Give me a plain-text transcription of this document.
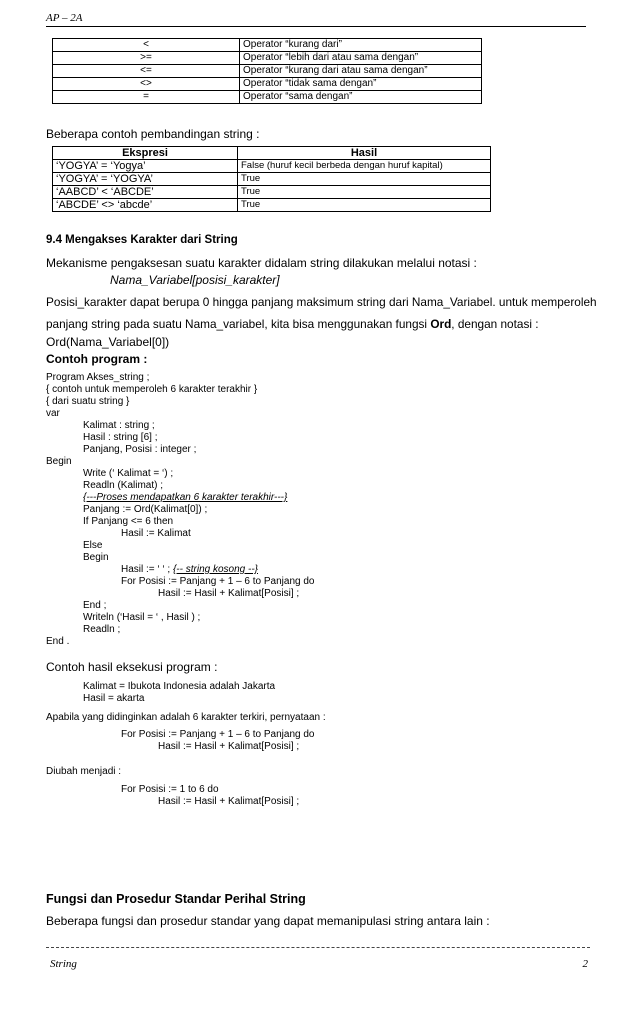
AP – 2A
<	Operator “kurang dari”
>=	Operator “lebih dari atau sama dengan”
<=	Operator “kurang dari atau sama dengan”
<>	Operator “tidak sama dengan”
=	Operator “sama dengan”
Beberapa contoh pembandingan string :
Ekspresi	Hasil
‘YOGYA’ = ‘Yogya’	False (huruf kecil berbeda dengan huruf kapital)
‘YOGYA’ = ‘YOGYA’	True
‘AABCD’ < ‘ABCDE’	True
‘ABCDE’ <> ‘abcde’	True
9.4 Mengakses Karakter dari String
Mekanisme pengaksesan suatu karakter didalam string dilakukan melalui notasi :
Nama_Variabel[posisi_karakter]
Posisi_karakter dapat berupa 0 hingga panjang maksimum string dari Nama_Variabel. untuk memperoleh
panjang string pada suatu Nama_variabel, kita bisa menggunakan fungsi Ord, dengan notasi :
Ord(Nama_Variabel[0])
Contoh program :
Program Akses_string ;
{ contoh untuk memperoleh 6 karakter terakhir }
{ dari suatu string }
var
Kalimat : string ;
Hasil : string [6] ;
Panjang, Posisi : integer ;
Begin
Write (‘ Kalimat = ‘) ;
Readln (Kalimat) ;
{---Proses mendapatkan 6 karakter terakhir---}
Panjang := Ord(Kalimat[0]) ;
If Panjang <= 6 then
Hasil := Kalimat
Else
Begin
Hasil := ‘ ‘ ; {-- string kosong --}
For Posisi := Panjang + 1 – 6 to Panjang do
Hasil := Hasil + Kalimat[Posisi] ;
End ;
Writeln (‘Hasil = ‘ , Hasil ) ;
Readln ;
End .
Contoh hasil eksekusi program :
Kalimat = Ibukota Indonesia adalah Jakarta
Hasil = akarta
Apabila yang didinginkan adalah 6 karakter terkiri, pernyataan :
For Posisi := Panjang + 1 – 6 to Panjang do
Hasil := Hasil + Kalimat[Posisi] ;
Diubah menjadi :
For Posisi := 1 to 6 do
Hasil := Hasil + Kalimat[Posisi] ;
Fungsi dan Prosedur Standar Perihal String
Beberapa fungsi dan prosedur standar yang dapat memanipulasi string antara lain :
String	2
